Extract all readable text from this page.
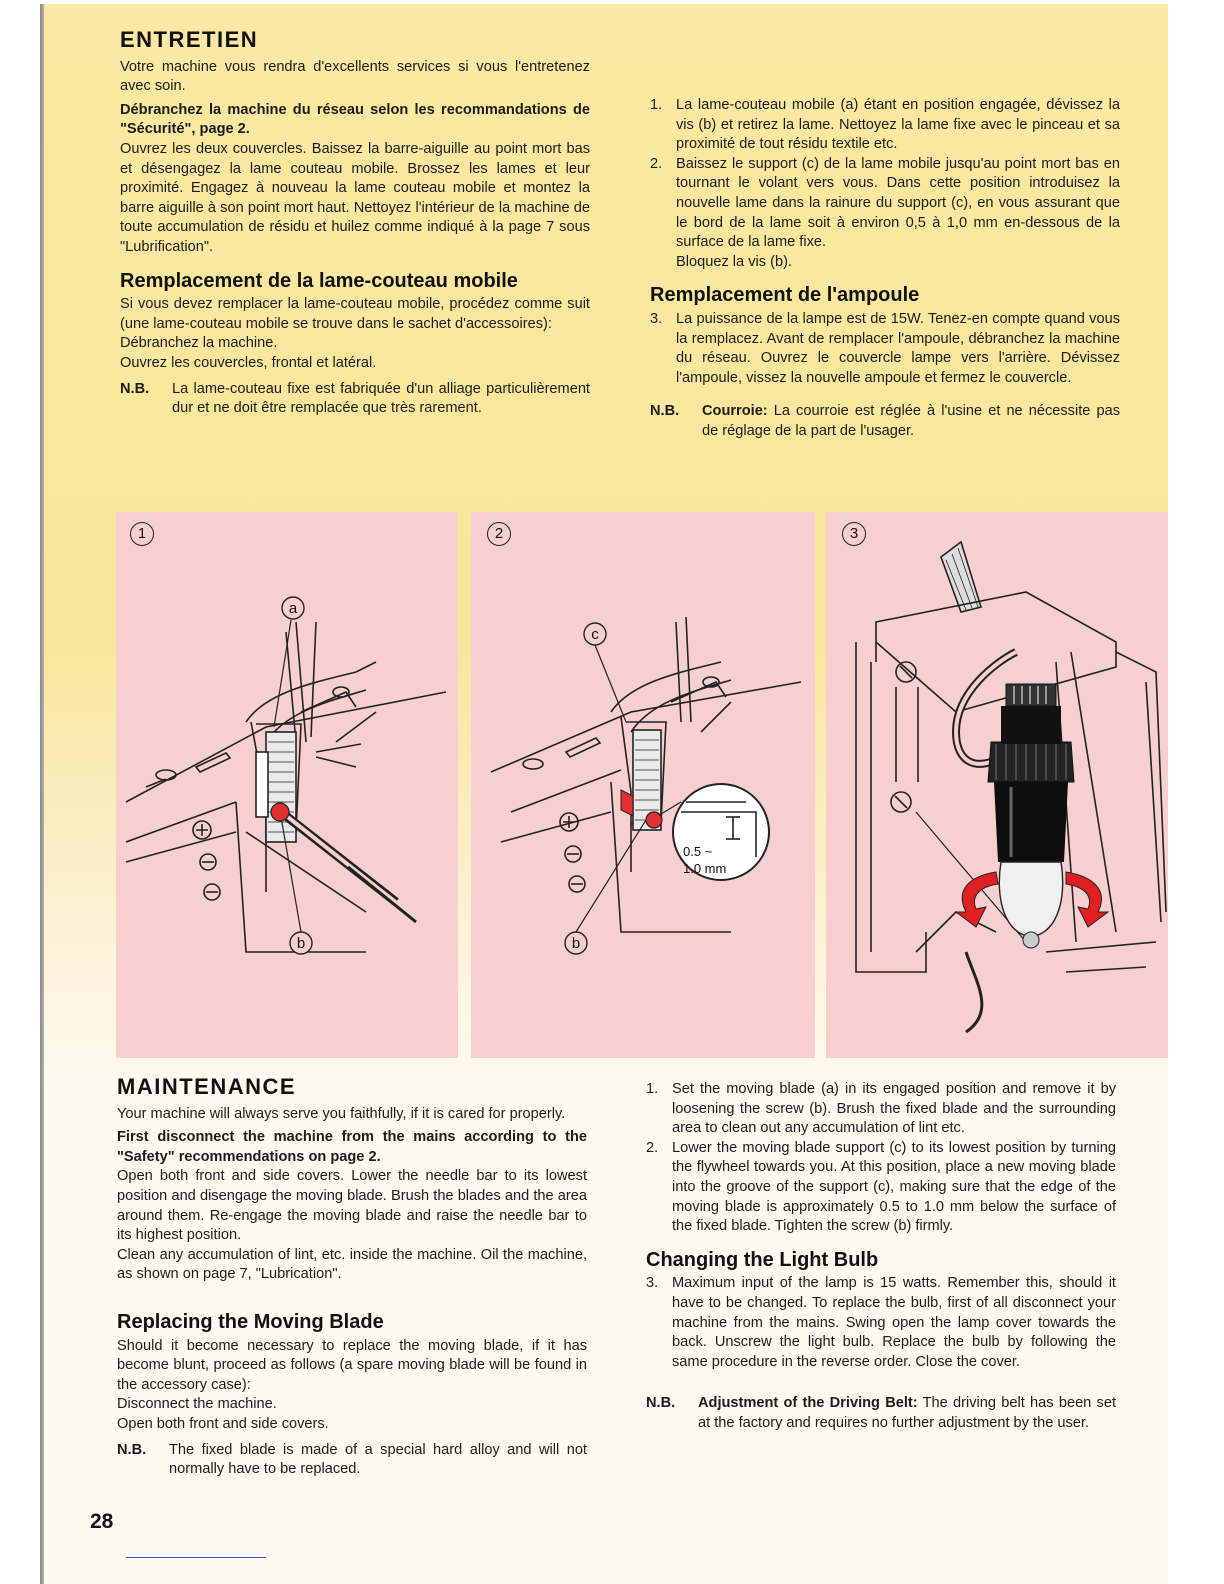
ENTRETIEN

Votre machine vous rendra d'excellents services si vous l'entretenez avec soin.

Débranchez la machine du réseau selon les recommandations de "Sécurité", page 2.

Ouvrez les deux couvercles. Baissez la barre-aiguille au point mort bas et désengagez la lame couteau mobile. Brossez les lames et leur proximité. Engagez à nouveau la lame couteau mobile et montez la barre aiguille à son point mort haut. Nettoyez l'intérieur de la machine de toute accumulation de résidu et huilez comme indiqué à la page 7 sous "Lubrification".

Remplacement de la lame-couteau mobile

Si vous devez remplacer la lame-couteau mobile, procédez comme suit (une lame-couteau mobile se trouve dans le sachet d'accessoires):

Débranchez la machine.

Ouvrez les couvercles, frontal et latéral.

N.B.	La lame-couteau fixe est fabriquée d'un alliage particulièrement dur et ne doit être remplacée que très rarement.
1. La lame-couteau mobile (a) étant en position engagée, dévissez la vis (b) et retirez la lame. Nettoyez la lame fixe avec le pinceau et sa proximité de tout résidu textile etc.
2. Baissez le support (c) de la lame mobile jusqu'au point mort bas en tournant le volant vers vous. Dans cette position introduisez la nouvelle lame dans la rainure du support (c), en vous assurant que le bord de la lame soit à environ 0,5 à 1,0 mm en-dessous de la surface de la lame fixe.
Bloquez la vis (b).
Remplacement de l'ampoule
3. La puissance de la lampe est de 15W. Tenez-en compte quand vous la remplacez. Avant de remplacer l'ampoule, débranchez la machine du réseau. Ouvrez le couvercle lampe vers l'arrière. Dévissez l'ampoule, vissez la nouvelle ampoule et fermez le couvercle.
N.B.	Courroie: La courroie est réglée à l'usine et ne nécessite pas de réglage de la part de l'usager.
1
a
b
2
0.5 ~
1.0 mm
c
b
3
MAINTENANCE

Your machine will always serve you faithfully, if it is cared for properly.

First disconnect the machine from the mains according to the "Safety" recommendations on page 2.

Open both front and side covers. Lower the needle bar to its lowest position and disengage the moving blade. Brush the blades and the area around them. Re-engage the moving blade and raise the needle bar to its highest position.

Clean any accumulation of lint, etc. inside the machine. Oil the machine, as shown on page 7, "Lubrication".

Replacing the Moving Blade

Should it become necessary to replace the moving blade, if it has become blunt, proceed as follows (a spare moving blade will be found in the accessory case):

Disconnect the machine.

Open both front and side covers.

N.B.	The fixed blade is made of a special hard alloy and will not normally have to be replaced.
1. Set the moving blade (a) in its engaged position and remove it by loosening the screw (b). Brush the fixed blade and the surrounding area to clean out any accumulation of lint etc.
2. Lower the moving blade support (c) to its lowest position by turning the flywheel towards you. At this position, place a new moving blade into the groove of the support (c), making sure that the edge of the moving blade is approximately 0.5 to 1.0 mm below the surface of the fixed blade. Tighten the screw (b) firmly.
Changing the Light Bulb
3. Maximum input of the lamp is 15 watts. Remember this, should it have to be changed. To replace the bulb, first of all disconnect your machine from the mains. Swing open the lamp cover towards the back. Unscrew the light bulb. Replace the bulb by following the same procedure in the reverse order. Close the cover.
N.B.	Adjustment of the Driving Belt: The driving belt has been set at the factory and requires no further adjustment by the user.
28
